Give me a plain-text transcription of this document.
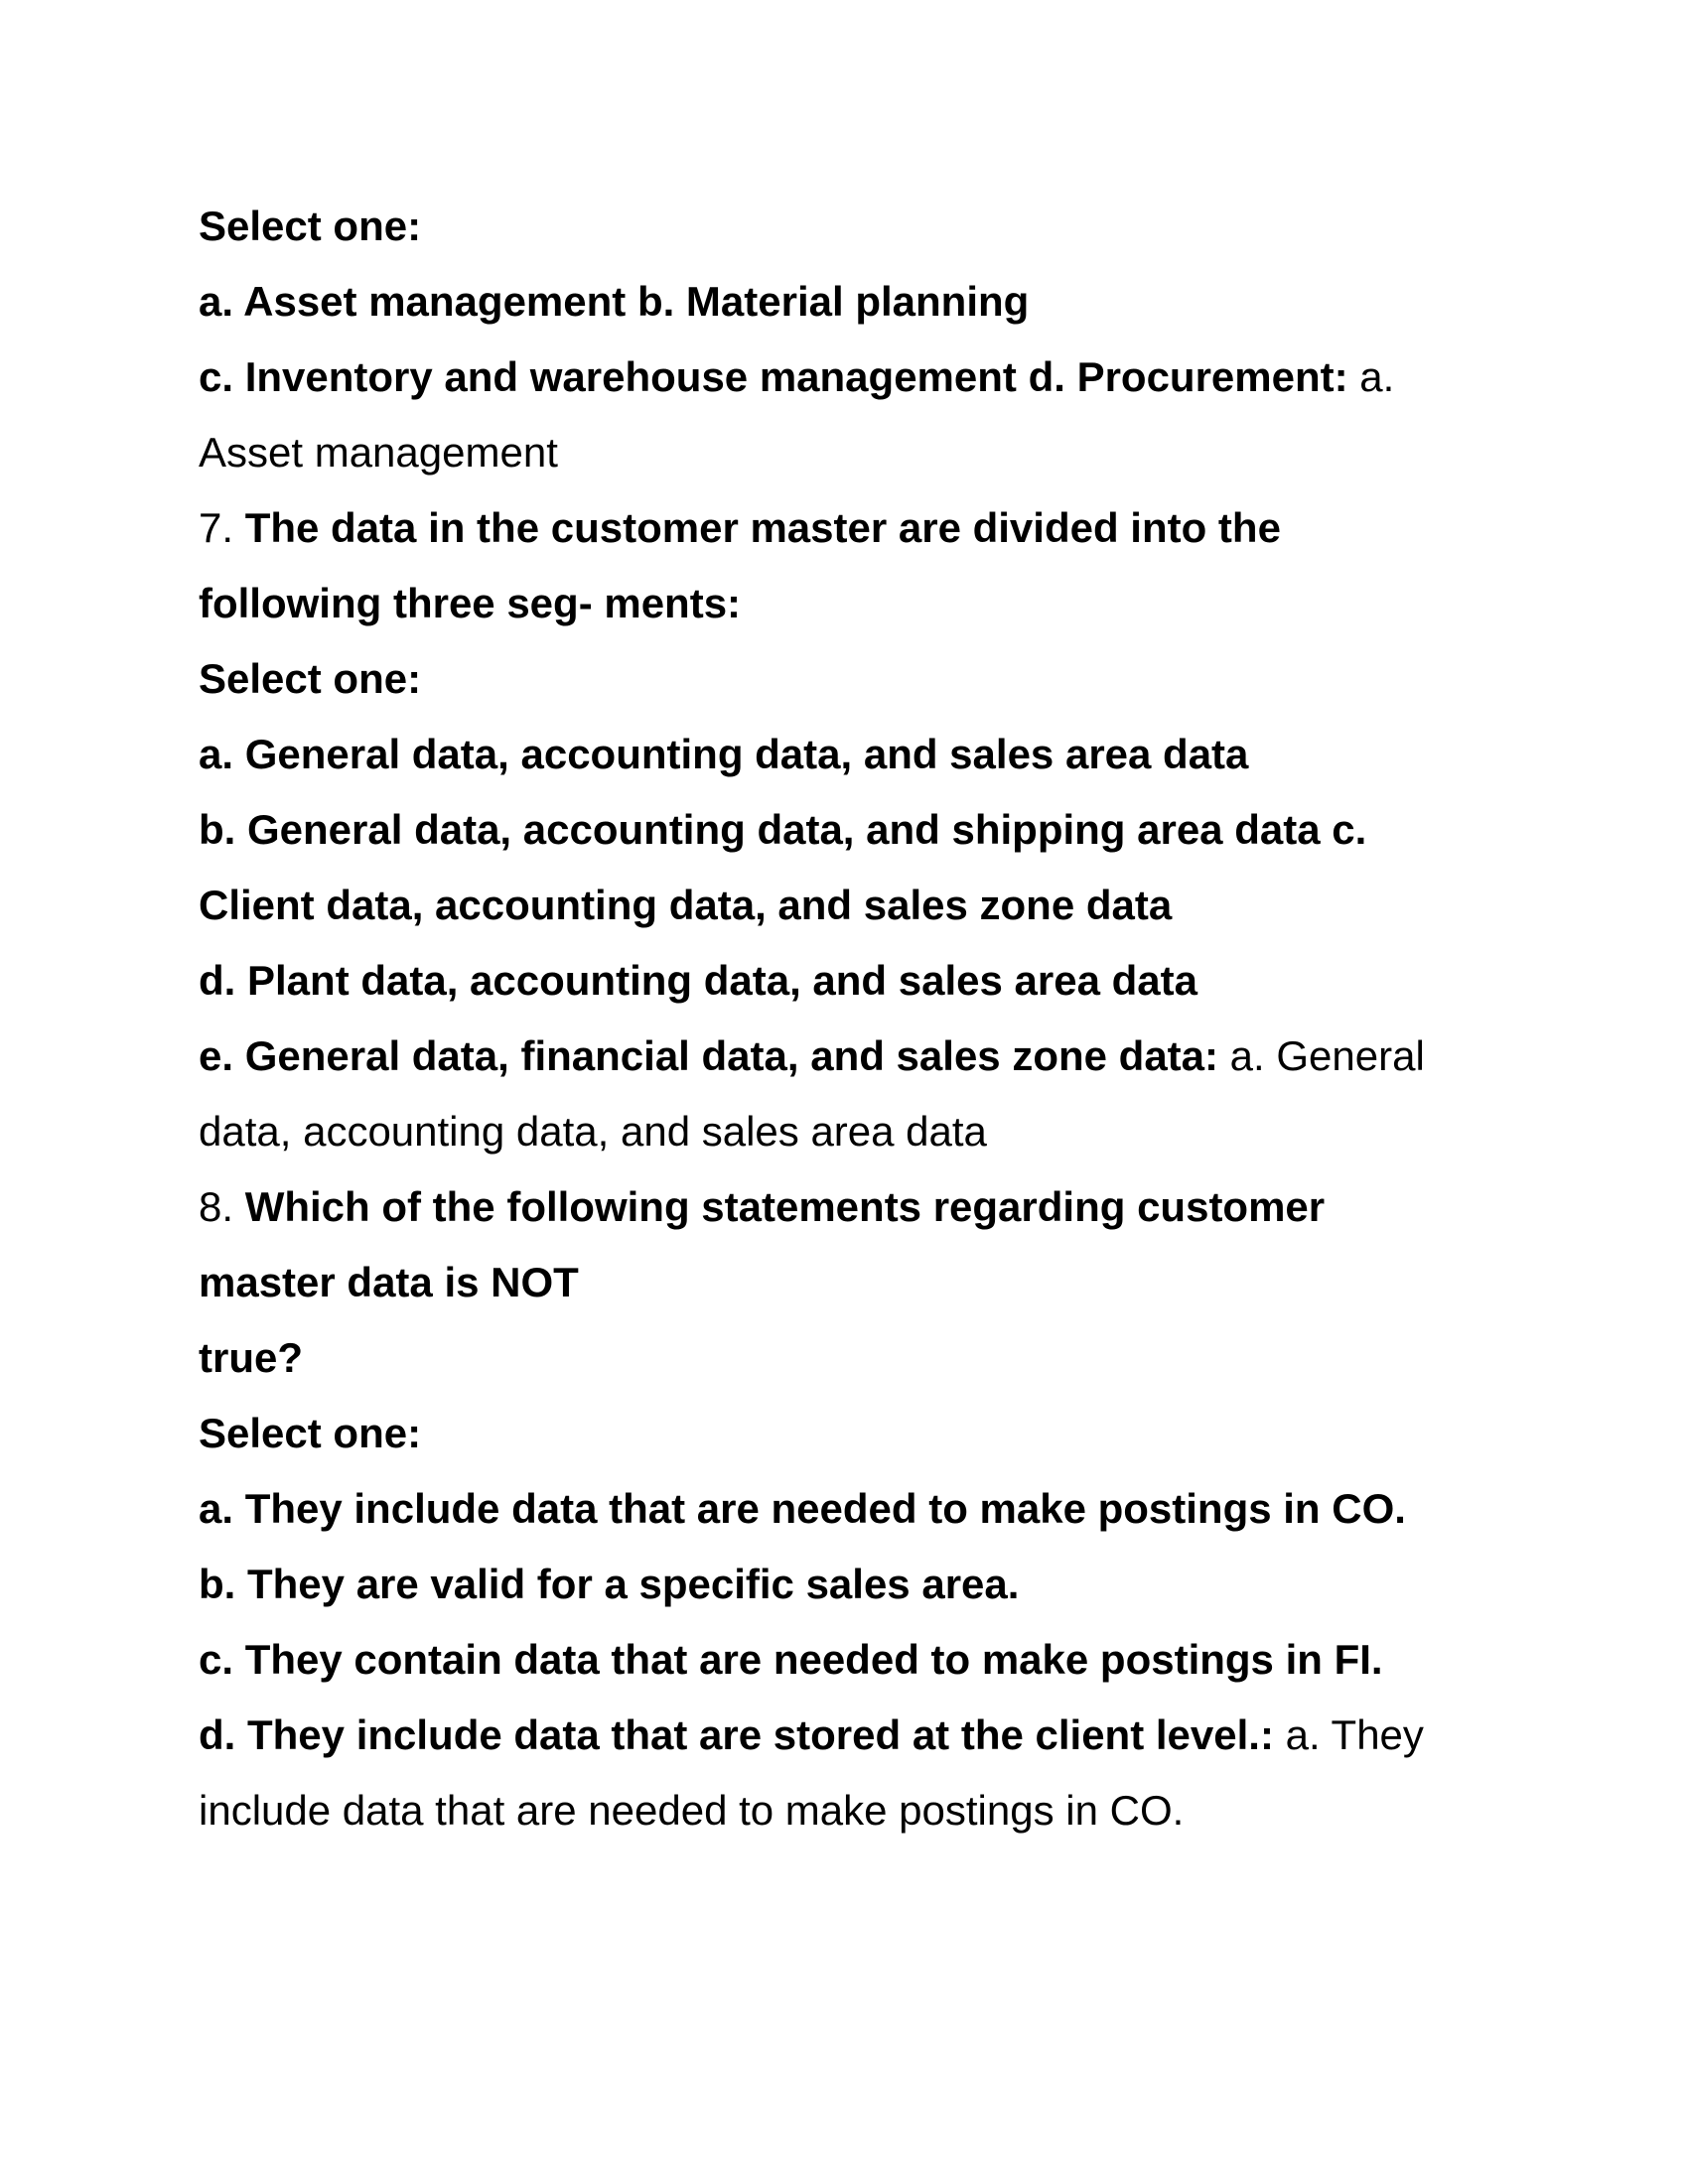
Select one:
a. Asset management b. Material planning
c. Inventory and warehouse management d. Procurement: a.
Asset management
7. The data in the customer master are divided into the
following three seg- ments:
Select one:
a. General data, accounting data, and sales area data
b. General data, accounting data, and shipping area data c.
Client data, accounting data, and sales zone data
d. Plant data, accounting data, and sales area data
e. General data, financial data, and sales zone data: a. General
data, accounting data, and sales area data
8. Which of the following statements regarding customer
master data is NOT
true?
Select one:
a. They include data that are needed to make postings in CO.
b. They are valid for a specific sales area.
c. They contain data that are needed to make postings in FI.
d. They include data that are stored at the client level.: a. They
include data that are needed to make postings in CO.
